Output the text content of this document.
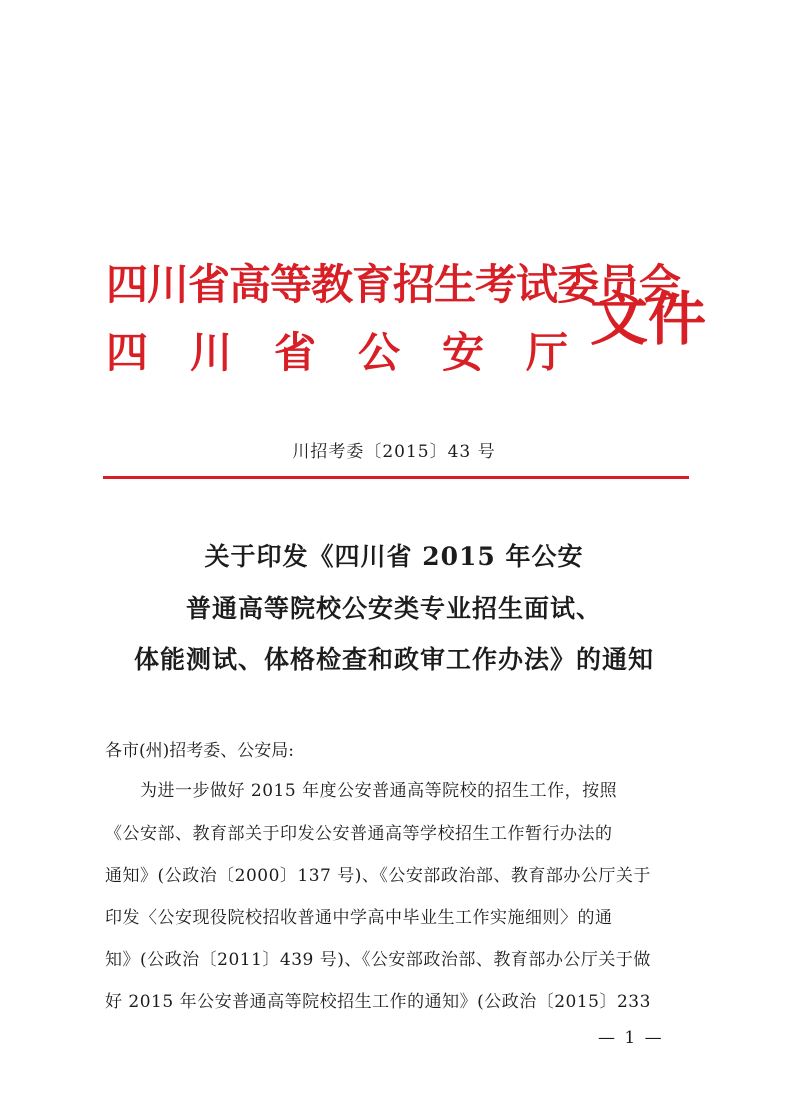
四川省高等教育招生考试委员会
四川省公安厅
文件
川招考委〔2015〕43 号
关于印发《四川省 2015 年公安
普通高等院校公安类专业招生面试、
体能测试、体格检查和政审工作办法》的通知
各市(州)招考委、公安局:
为进一步做好 2015 年度公安普通高等院校的招生工作，按照
《公安部、教育部关于印发公安普通高等学校招生工作暂行办法的
通知》(公政治〔2000〕137 号)、《公安部政治部、教育部办公厅关于
印发〈公安现役院校招收普通中学高中毕业生工作实施细则〉的通
知》(公政治〔2011〕439 号)、《公安部政治部、教育部办公厅关于做
好 2015 年公安普通高等院校招生工作的通知》(公政治〔2015〕233
— 1 —
